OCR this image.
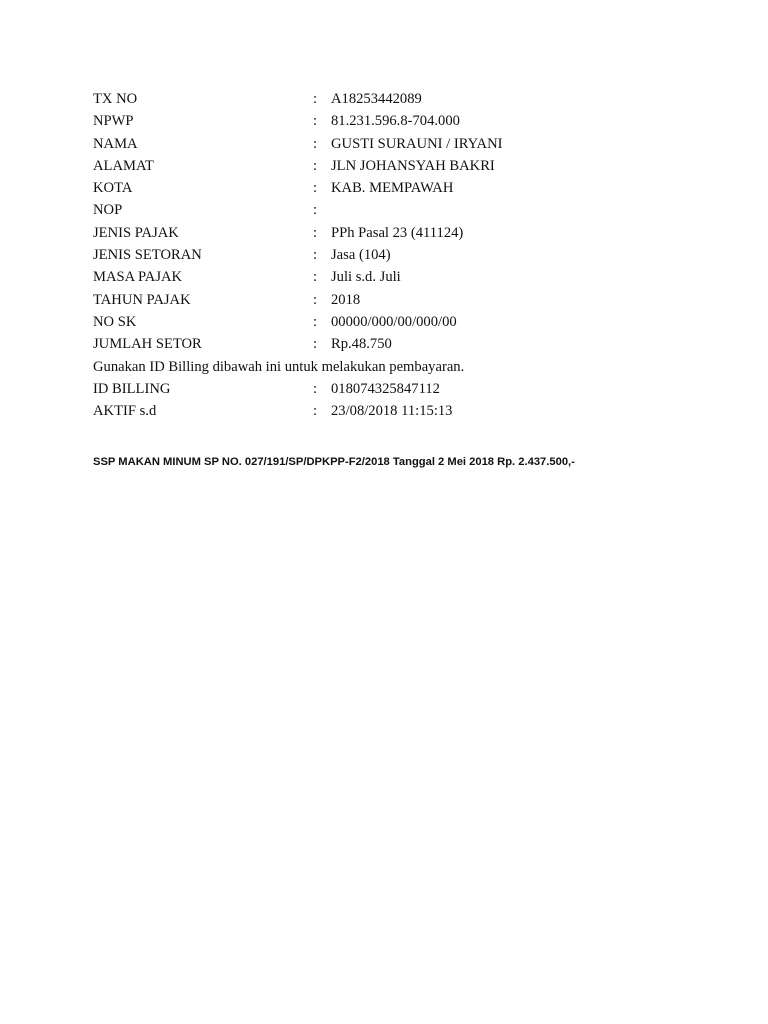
TX NO	: A18253442089
NPWP	: 81.231.596.8-704.000
NAMA	: GUSTI SURAUNI / IRYANI
ALAMAT	: JLN JOHANSYAH BAKRI
KOTA	: KAB. MEMPAWAH
NOP	:
JENIS PAJAK	: PPh Pasal 23 (411124)
JENIS SETORAN	: Jasa (104)
MASA PAJAK	: Juli s.d. Juli
TAHUN PAJAK	: 2018
NO SK	: 00000/000/00/000/00
JUMLAH SETOR	: Rp.48.750
Gunakan ID Billing dibawah ini untuk melakukan pembayaran.
ID BILLING	: 018074325847112
AKTIF s.d	: 23/08/2018 11:15:13
SSP MAKAN MINUM SP NO. 027/191/SP/DPKPP-F2/2018 Tanggal 2 Mei 2018 Rp. 2.437.500,-
